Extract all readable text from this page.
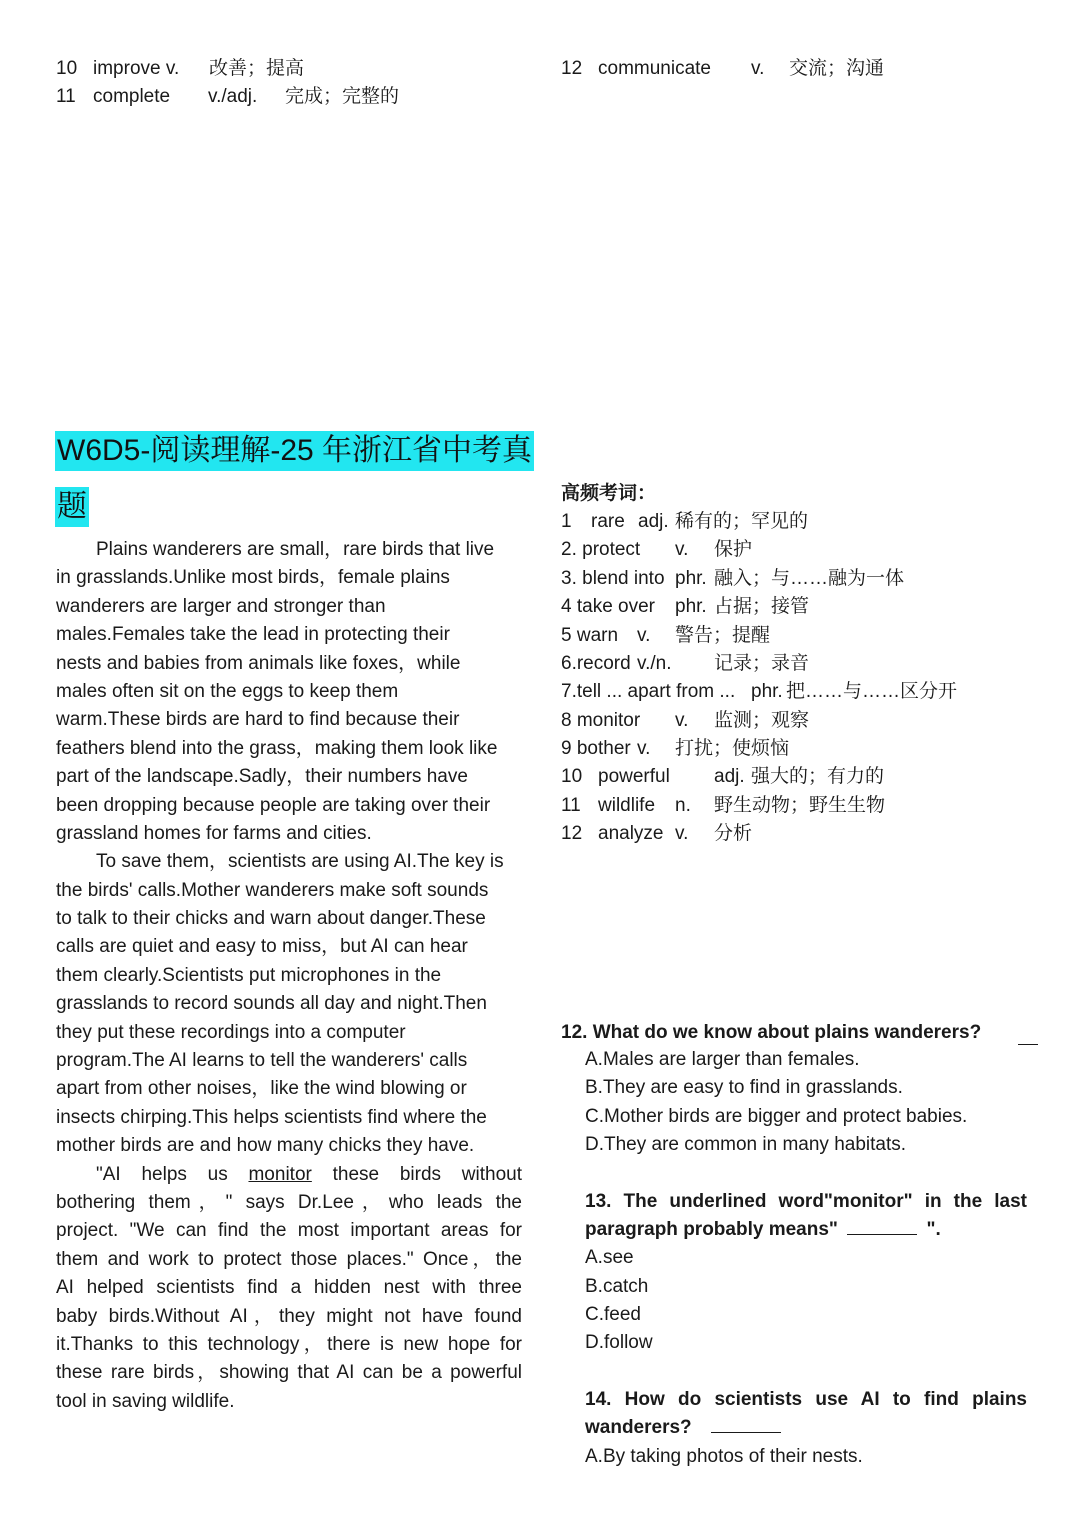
10 improve v. 改善；提高
11 complete v./adj. 完成；完整的
12 communicate v. 交流；沟通
W6D5-阅读理解-25 年浙江省中考真
题
Plains wanderers are small，rare birds that live
in grasslands.Unlike most birds，female plains
wanderers are larger and stronger than
males.Females take the lead in protecting their
nests and babies from animals like foxes，while
males often sit on the eggs to keep them
warm.These birds are hard to find because their
feathers blend into the grass，making them look like
part of the landscape.Sadly，their numbers have
been dropping because people are taking over their
grassland homes for farms and cities.
To save them，scientists are using AI.The key is
the birds' calls.Mother wanderers make soft sounds
to talk to their chicks and warn about danger.These
calls are quiet and easy to miss，but AI can hear
them clearly.Scientists put microphones in the
grasslands to record sounds all day and night.Then
they put these recordings into a computer
program.The AI learns to tell the wanderers' calls
apart from other noises，like the wind blowing or
insects chirping.This helps scientists find where the
mother birds are and how many chicks they have.
"AI helps us monitor these birds without
bothering them，" says Dr.Lee，who leads the
project. "We can find the most important areas for
them and work to protect those places." Once，the
AI helped scientists find a hidden nest with three
baby birds.Without AI，they might not have found
it.Thanks to this technology，there is new hope for
these rare birds，showing that AI can be a powerful
tool in saving wildlife.
高频考词：
1 rare adj. 稀有的；罕见的
2. protect v. 保护
3. blend into phr. 融入；与……融为一体
4 take over phr. 占据；接管
5 warn v. 警告；提醒
6.record v./n. 记录；录音
7.tell ... apart from ... phr. 把……与……区分开
8 monitor v. 监测；观察
9 bother v. 打扰；使烦恼
10 powerful adj. 强大的；有力的
11 wildlife n. 野生动物；野生生物
12 analyze v. 分析
12. What do we know about plains wanderers?
A.Males are larger than females.
B.They are easy to find in grasslands.
C.Mother birds are bigger and protect babies.
D.They are common in many habitats.
13. The underlined word"monitor" in the last
paragraph probably means"	".
A.see
B.catch
C.feed
D.follow
14. How do scientists use AI to find plains
wanderers?
A.By taking photos of their nests.
